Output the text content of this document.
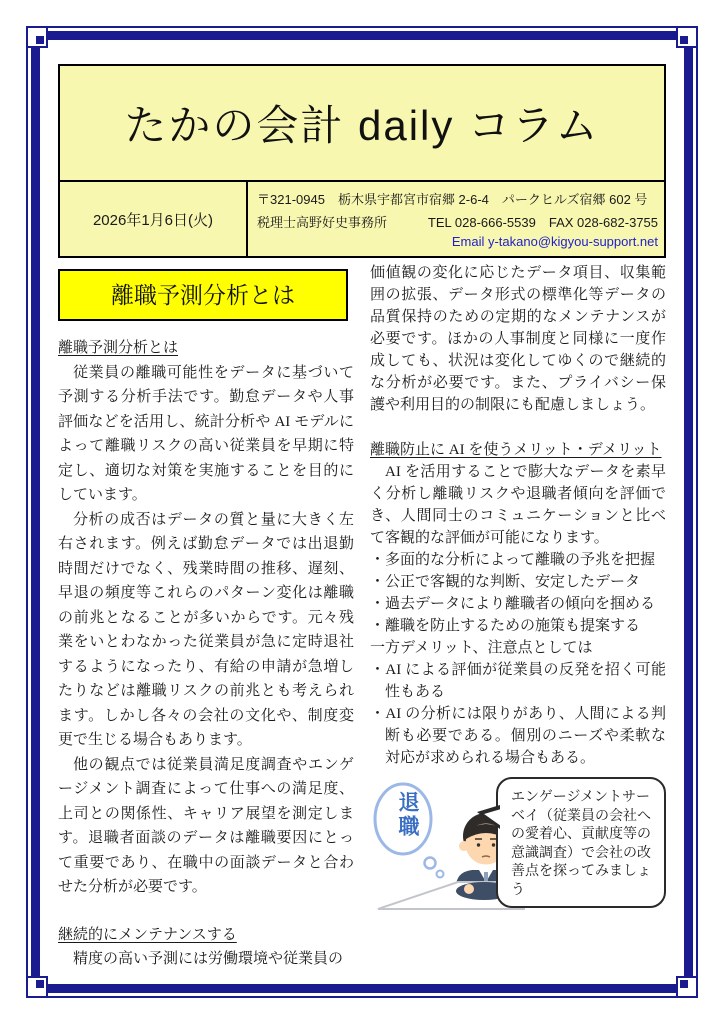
たかの会計 daily コラム
2026年1月6日(火)
〒321-0945　栃木県宇都宮市宿郷 2-6-4　パークヒルズ宿郷 602 号
税理士高野好史事務所	TEL 028-666-5539　FAX 028-682-3755
Email y-takano@kigyou-support.net
離職予測分析とは
離職予測分析とは

従業員の離職可能性をデータに基づいて予測する分析手法です。勤怠データや人事評価などを活用し、統計分析や AI モデルによって離職リスクの高い従業員を早期に特定し、適切な対策を実施することを目的にしています。

分析の成否はデータの質と量に大きく左右されます。例えば勤怠データでは出退勤時間だけでなく、残業時間の推移、遅刻、早退の頻度等これらのパターン変化は離職の前兆となることが多いからです。元々残業をいとわなかった従業員が急に定時退社するようになったり、有給の申請が急増したりなどは離職リスクの前兆とも考えられます。しかし各々の会社の文化や、制度変更で生じる場合もあります。

他の観点では従業員満足度調査やエンゲージメント調査によって仕事への満足度、上司との関係性、キャリア展望を測定します。退職者面談のデータは離職要因にとって重要であり、在職中の面談データと合わせた分析が必要です。

継続的にメンテナンスする

精度の高い予測には労働環境や従業員の

価値観の変化に応じたデータ項目、収集範囲の拡張、データ形式の標準化等データの品質保持のための定期的なメンテナンスが必要です。ほかの人事制度と同様に一度作成しても、状況は変化してゆくので継続的な分析が必要です。また、プライバシー保護や利用目的の制限にも配慮しましょう。

離職防止に AI を使うメリット・デメリット

AI を活用することで膨大なデータを素早く分析し離職リスクや退職者傾向を評価でき、人間同士のコミュニケーションと比べて客観的な評価が可能になります。

・多面的な分析によって離職の予兆を把握
・公正で客観的な判断、安定したデータ
・過去データにより離職者の傾向を掴める
・離職を防止するための施策も提案する
一方デメリット、注意点としては
・AI による評価が従業員の反発を招く可能性もある
・AI の分析には限りがあり、人間による判断も必要である。個別のニーズや柔軟な対応が求められる場合もある。
退職	エンゲージメントサーベイ（従業員の会社への愛着心、貢献度等の意識調査）で会社の改善点を探ってみましょう
